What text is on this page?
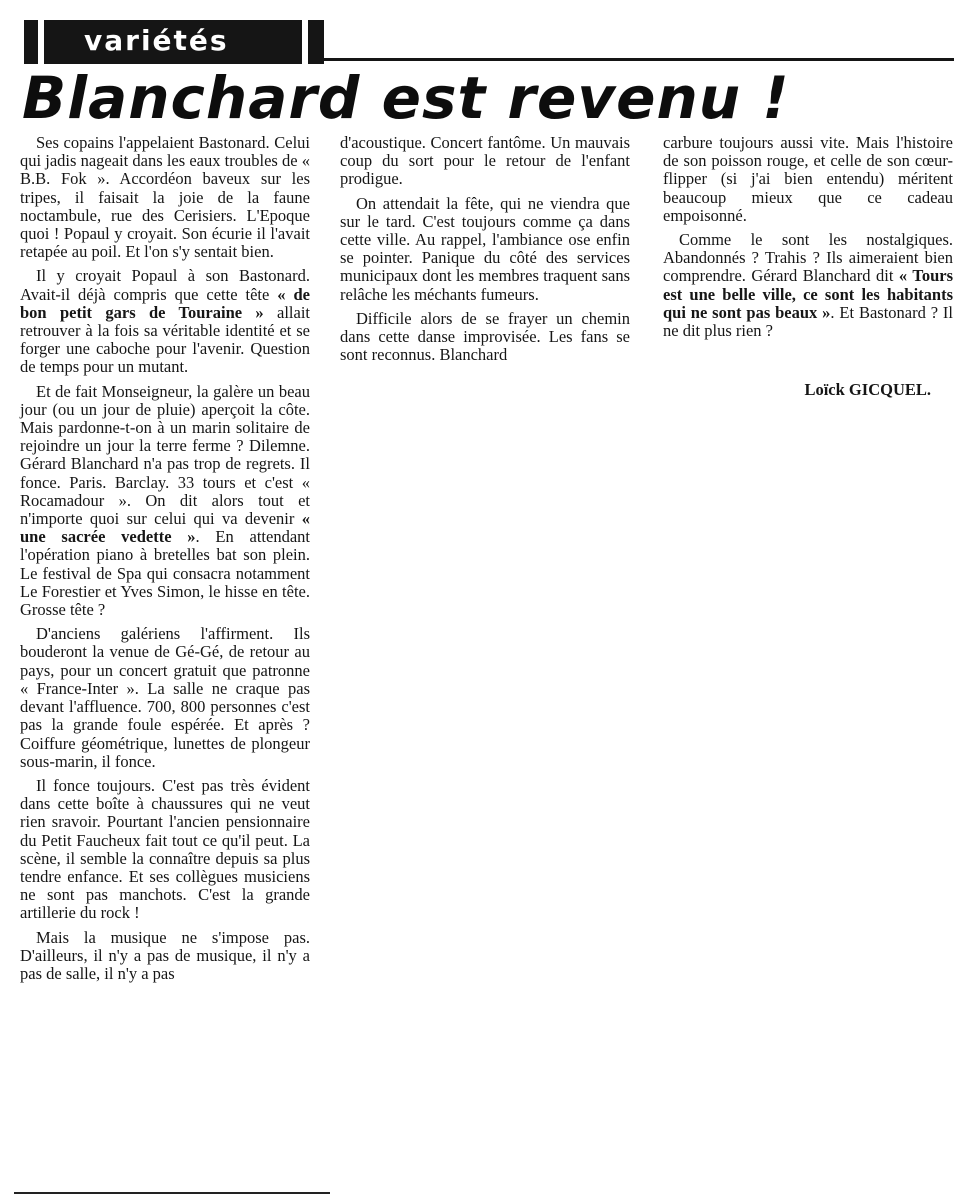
variétés
Blanchard est revenu !

Ses copains l'appelaient Bastonard. Celui qui jadis nageait dans les eaux troubles de « B.B. Fok ». Accordéon baveux sur les tripes, il faisait la joie de la faune noctambule, rue des Cerisiers. L'Epoque quoi ! Popaul y croyait. Son écurie il l'avait retapée au poil. Et l'on s'y sentait bien.

Il y croyait Popaul à son Bastonard. Avait-il déjà compris que cette tête « de bon petit gars de Touraine » allait retrouver à la fois sa véritable identité et se forger une caboche pour l'avenir. Question de temps pour un mutant.

Et de fait Monseigneur, la galère un beau jour (ou un jour de pluie) aperçoit la côte. Mais pardonne-t-on à un marin solitaire de rejoindre un jour la terre ferme ? Dilemne. Gérard Blanchard n'a pas trop de regrets. Il fonce. Paris. Barclay. 33 tours et c'est « Rocamadour ». On dit alors tout et n'importe quoi sur celui qui va devenir « une sacrée vedette ». En attendant l'opération piano à bretelles bat son plein. Le festival de Spa qui consacra notamment Le Forestier et Yves Simon, le hisse en tête. Grosse tête ?

D'anciens galériens l'affirment. Ils bouderont la venue de Gé-Gé, de retour au pays, pour un concert gratuit que patronne « France-Inter ». La salle ne craque pas devant l'affluence. 700, 800 personnes c'est pas la grande foule espérée. Et après ? Coiffure géométrique, lunettes de plongeur sous-marin, il fonce.

Il fonce toujours. C'est pas très évident dans cette boîte à chaussures qui ne veut rien sravoir. Pourtant l'ancien pensionnaire du Petit Faucheux fait tout ce qu'il peut. La scène, il semble la connaître depuis sa plus tendre enfance. Et ses collègues musiciens ne sont pas manchots. C'est la grande artillerie du rock !

Mais la musique ne s'impose pas. D'ailleurs, il n'y a pas de musique, il n'y a pas de salle, il n'y a pas

d'acoustique. Concert fantôme. Un mauvais coup du sort pour le retour de l'enfant prodigue.

On attendait la fête, qui ne viendra que sur le tard. C'est toujours comme ça dans cette ville. Au rappel, l'ambiance ose enfin se pointer. Panique du côté des services municipaux dont les membres traquent sans relâche les méchants fumeurs.

Difficile alors de se frayer un chemin dans cette danse improvisée. Les fans se sont reconnus. Blanchard

carbure toujours aussi vite. Mais l'histoire de son poisson rouge, et celle de son cœur-flipper (si j'ai bien entendu) méritent beaucoup mieux que ce cadeau empoisonné.

Comme le sont les nostalgiques. Abandonnés ? Trahis ? Ils aimeraient bien comprendre. Gérard Blanchard dit « Tours est une belle ville, ce sont les habitants qui ne sont pas beaux ». Et Bastonard ? Il ne dit plus rien ?

Loïck GICQUEL.
